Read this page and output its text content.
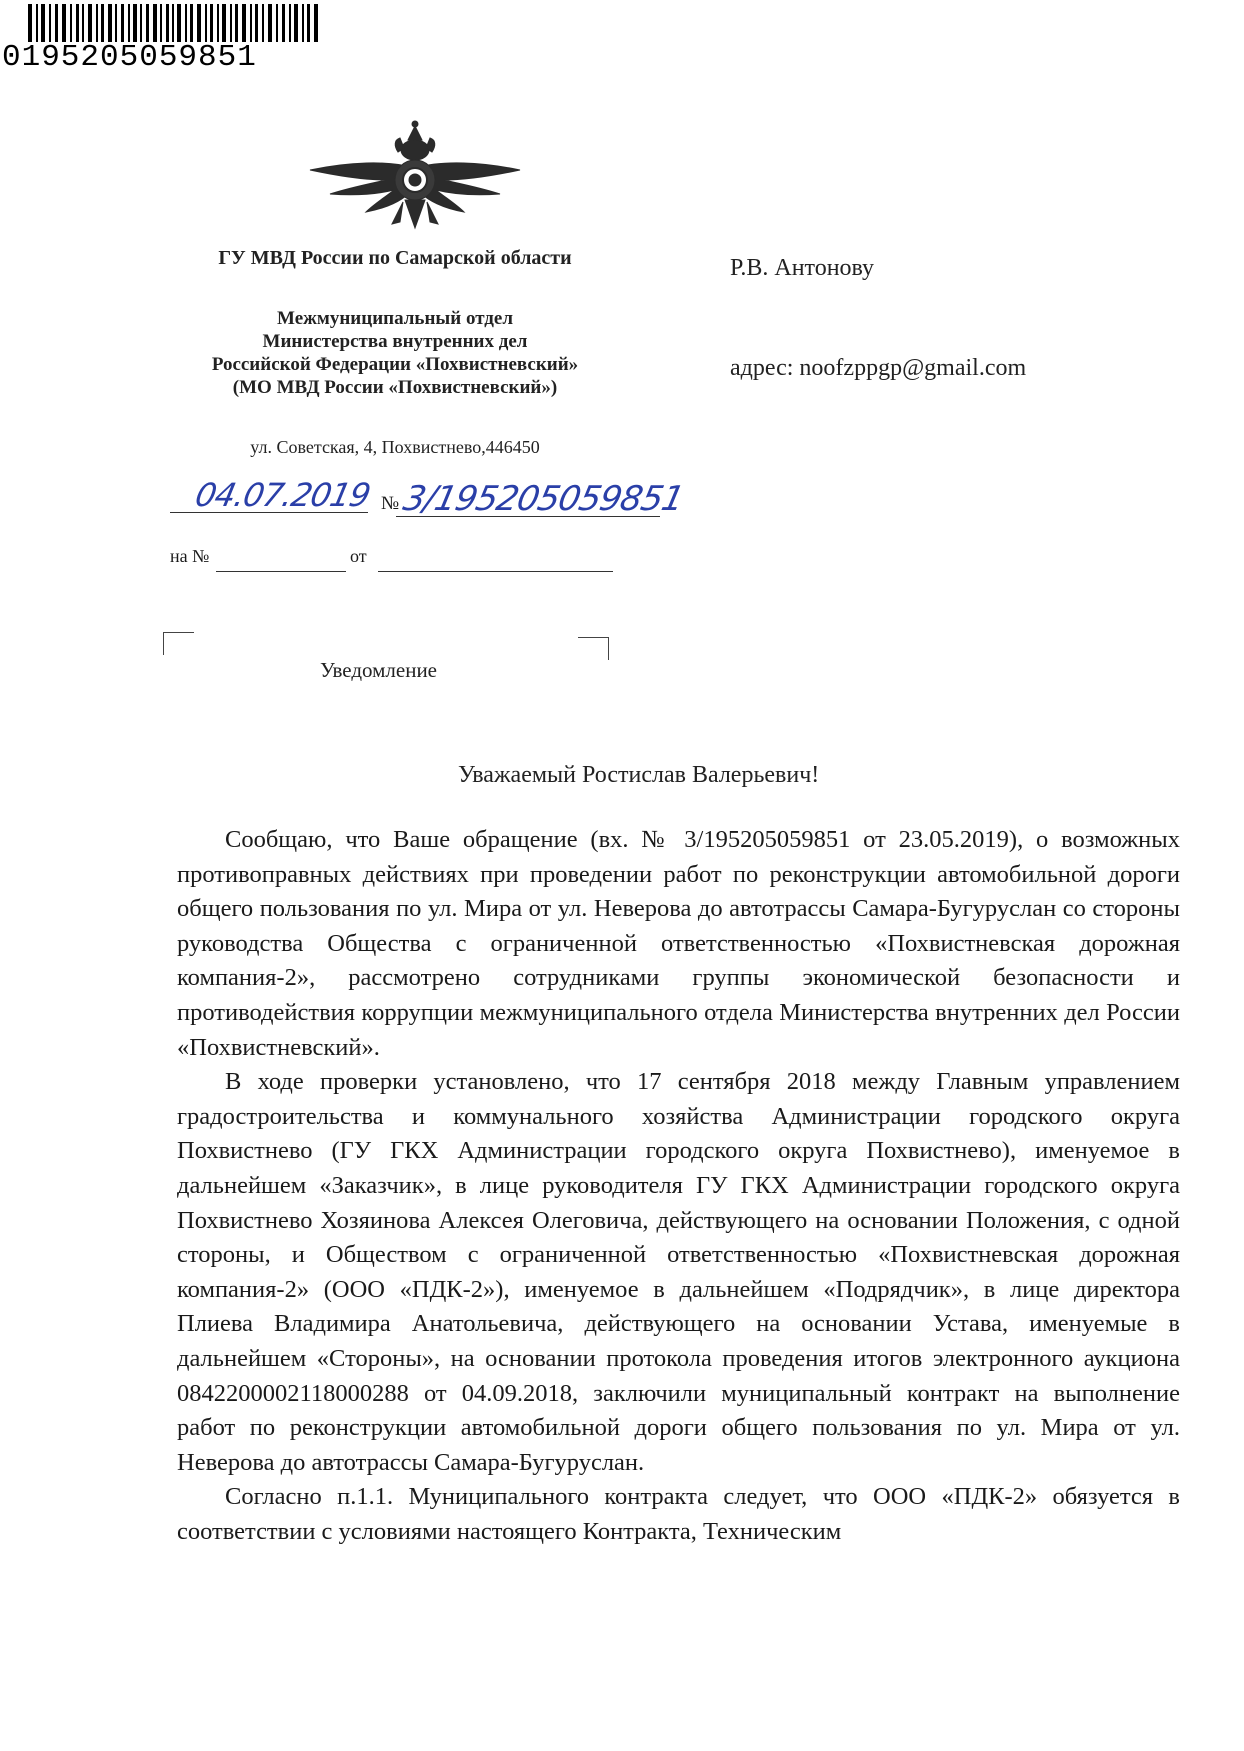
0195205059851
ГУ МВД России по Самарской области
Межмуниципальный отдел
Министерства внутренних дел
Российской Федерации «Похвистневский»
(МО МВД России «Похвистневский»)
ул. Советская, 4, Похвистнево,446450
04.07.2019 № 3/195205059851
на №	от
Уведомление
Р.В. Антонову
адрес: noofzppgp@gmail.com
Уважаемый Ростислав Валерьевич!

Сообщаю, что Ваше обращение (вх. № 3/195205059851 от 23.05.2019), о возможных противоправных действиях при проведении работ по реконструкции автомобильной дороги общего пользования по ул. Мира от ул. Неверова до автотрассы Самара-Бугуруслан со стороны руководства Общества с ограниченной ответственностью «Похвистневская дорожная компания-2», рассмотрено сотрудниками группы экономической безопасности и противодействия коррупции межмуниципального отдела Министерства внутренних дел России «Похвистневский».

В ходе проверки установлено, что 17 сентября 2018 между Главным управлением градостроительства и коммунального хозяйства Администрации городского округа Похвистнево (ГУ ГКХ Администрации городского округа Похвистнево), именуемое в дальнейшем «Заказчик», в лице руководителя ГУ ГКХ Администрации городского округа Похвистнево Хозяинова Алексея Олеговича, действующего на основании Положения, с одной стороны, и Обществом с ограниченной ответственностью «Похвистневская дорожная компания-2» (ООО «ПДК-2»), именуемое в дальнейшем «Подрядчик», в лице директора Плиева Владимира Анатольевича, действующего на основании Устава, именуемые в дальнейшем «Стороны», на основании протокола проведения итогов электронного аукциона 0842200002118000288 от 04.09.2018, заключили муниципальный контракт на выполнение работ по реконструкции автомобильной дороги общего пользования по ул. Мира от ул. Неверова до автотрассы Самара-Бугуруслан.

Согласно п.1.1. Муниципального контракта следует, что ООО «ПДК-2» обязуется в соответствии с условиями настоящего Контракта, Техническим
